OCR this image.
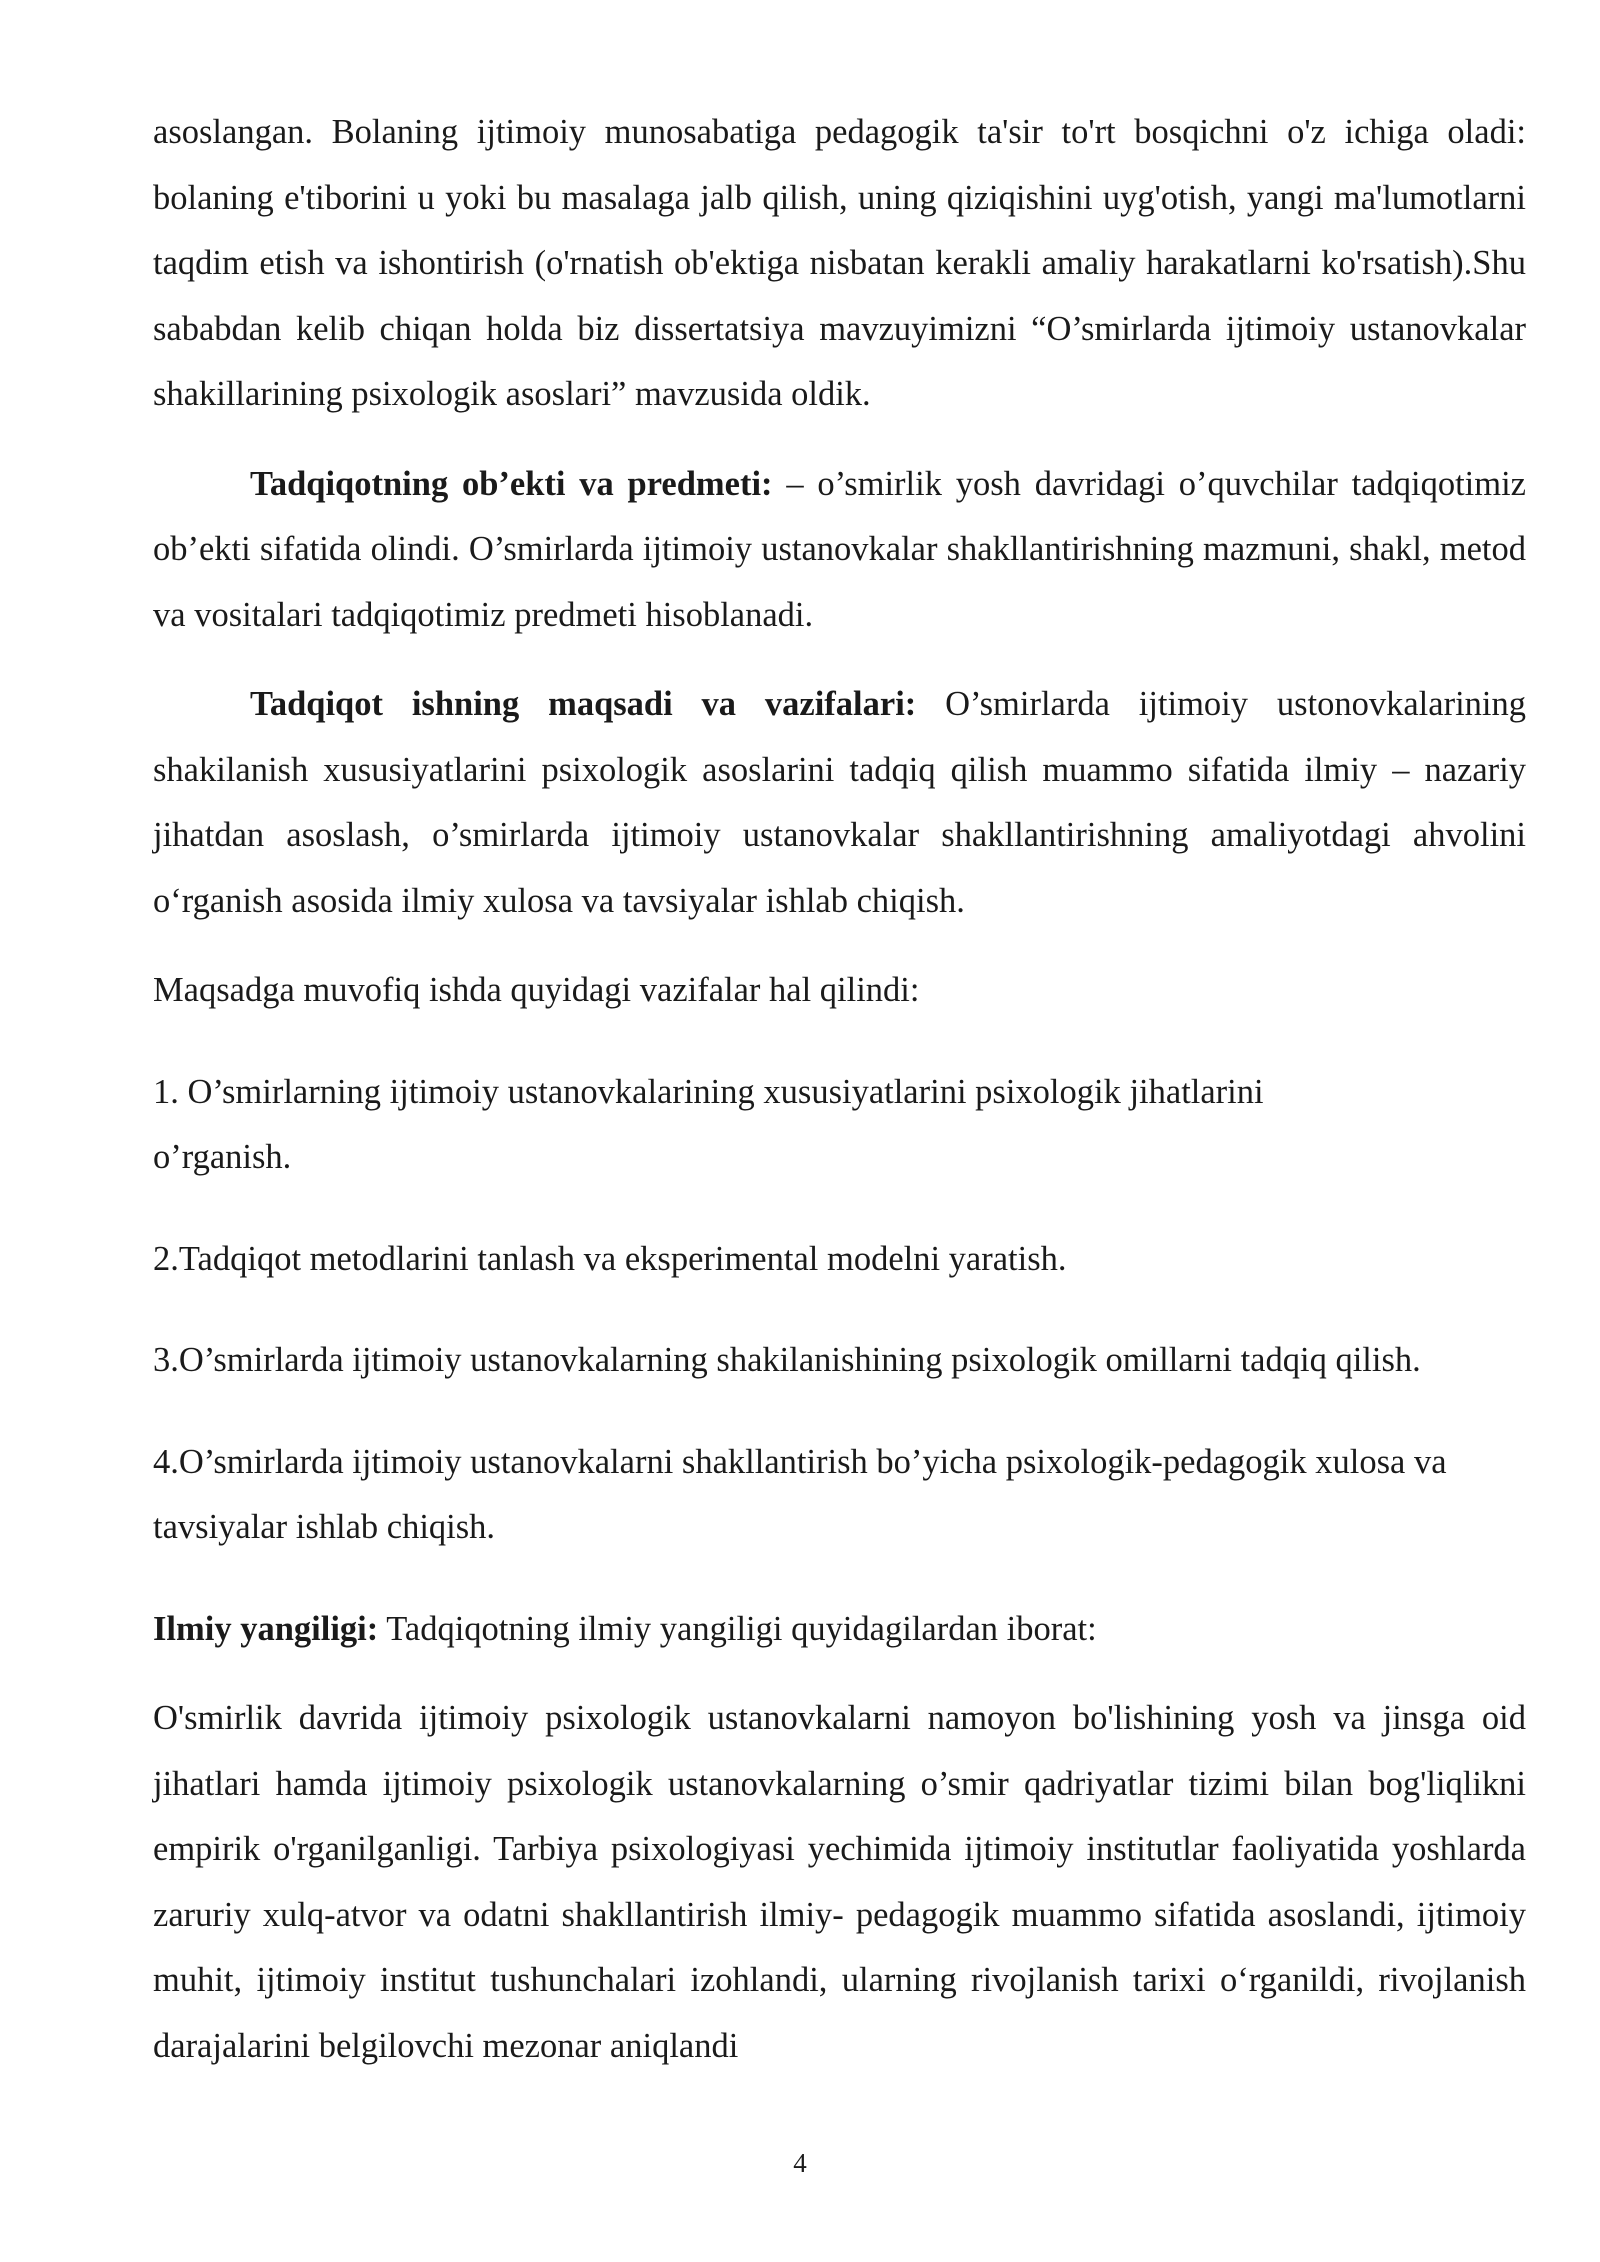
asoslangan. Bolaning ijtimoiy munosabatiga pedagogik ta'sir to'rt bosqichni o'z ichiga oladi: bolaning e'tiborini u yoki bu masalaga jalb qilish, uning qiziqishini uyg'otish, yangi ma'lumotlarni taqdim etish va ishontirish (o'rnatish ob'ektiga nisbatan kerakli amaliy harakatlarni ko'rsatish).Shu sababdan kelib chiqan holda biz dissertatsiya mavzuyimizni “O’smirlarda ijtimoiy ustanovkalar shakillarining psixologik asoslari” mavzusida oldik.

Tadqiqotning ob’ekti va predmeti: – o’smirlik yosh davridagi o’quvchilar tadqiqotimiz ob’ekti sifatida olindi. O’smirlarda ijtimoiy ustanovkalar shakllantirishning mazmuni, shakl, metod va vositalari tadqiqotimiz predmeti hisoblanadi.

Tadqiqot ishning maqsadi va vazifalari: O’smirlarda ijtimoiy ustonovkalarining shakilanish xususiyatlarini psixologik asoslarini tadqiq qilish muammo sifatida ilmiy – nazariy jihatdan asoslash, o’smirlarda ijtimoiy ustanovkalar shakllantirishning amaliyotdagi ahvolini oʻrganish asosida ilmiy xulosa va tavsiyalar ishlab chiqish.

Maqsadga muvofiq ishda quyidagi vazifalar hal qilindi:

1. O’smirlarning ijtimoiy ustanovkalarining xususiyatlarini psixologik jihatlarini o’rganish.

2.Tadqiqot metodlarini tanlash va eksperimental modelni yaratish.

3.O’smirlarda ijtimoiy ustanovkalarning shakilanishining psixologik omillarni tadqiq qilish.

4.O’smirlarda ijtimoiy ustanovkalarni shakllantirish bo’yicha psixologik-pedagogik xulosa va tavsiyalar ishlab chiqish.

Ilmiy yangiligi: Tadqiqotning ilmiy yangiligi quyidagilardan iborat:

O'smirlik davrida ijtimoiy psixologik ustanovkalarni namoyon bo'lishining yosh va jinsga oid jihatlari hamda ijtimoiy psixologik ustanovkalarning o’smir qadriyatlar tizimi bilan bog'liqlikni empirik o'rganilganligi. Tarbiya psixologiyasi yechimida ijtimoiy institutlar faoliyatida yoshlarda zaruriy xulq-atvor va odatni shakllantirish ilmiy- pedagogik muammo sifatida asoslandi, ijtimoiy muhit, ijtimoiy institut tushunchalari izohlandi, ularning rivojlanish tarixi oʻrganildi, rivojlanish darajalarini belgilovchi mezonar aniqlandi

4
